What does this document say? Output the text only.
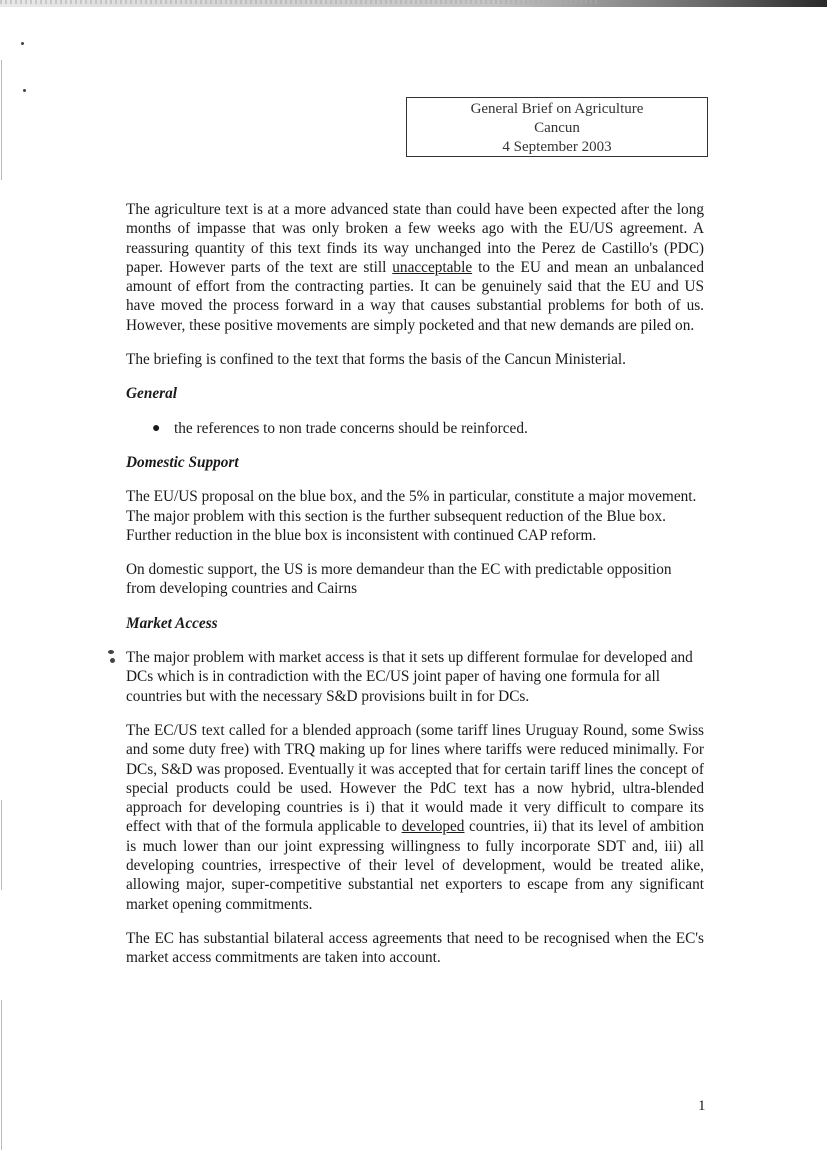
General Brief on Agriculture
Cancun
4 September 2003

The agriculture text is at a more advanced state than could have been expected after the long months of impasse that was only broken a few weeks ago with the EU/US agreement. A reassuring quantity of this text finds its way unchanged into the Perez de Castillo's (PDC) paper. However parts of the text are still unacceptable to the EU and mean an unbalanced amount of effort from the contracting parties. It can be genuinely said that the EU and US have moved the process forward in a way that causes substantial problems for both of us. However, these positive movements are simply pocketed and that new demands are piled on.

The briefing is confined to the text that forms the basis of the Cancun Ministerial.

General
● the references to non trade concerns should be reinforced.
Domestic Support

The EU/US proposal on the blue box, and the 5% in particular, constitute a major movement. The major problem with this section is the further subsequent reduction of the Blue box. Further reduction in the blue box is inconsistent with continued CAP reform.

On domestic support, the US is more demandeur than the EC with predictable opposition from developing countries and Cairns

Market Access

The major problem with market access is that it sets up different formulae for developed and DCs which is in contradiction with the EC/US joint paper of having one formula for all countries but with the necessary S&D provisions built in for DCs.

The EC/US text called for a blended approach (some tariff lines Uruguay Round, some Swiss and some duty free) with TRQ making up for lines where tariffs were reduced minimally. For DCs, S&D was proposed. Eventually it was accepted that for certain tariff lines the concept of special products could be used. However the PdC text has a now hybrid, ultra-blended approach for developing countries is i) that it would made it very difficult to compare its effect with that of the formula applicable to developed countries, ii) that its level of ambition is much lower than our joint expressing willingness to fully incorporate SDT and, iii) all developing countries, irrespective of their level of development, would be treated alike, allowing major, super-competitive substantial net exporters to escape from any significant market opening commitments.

The EC has substantial bilateral access agreements that need to be recognised when the EC's market access commitments are taken into account.

1
